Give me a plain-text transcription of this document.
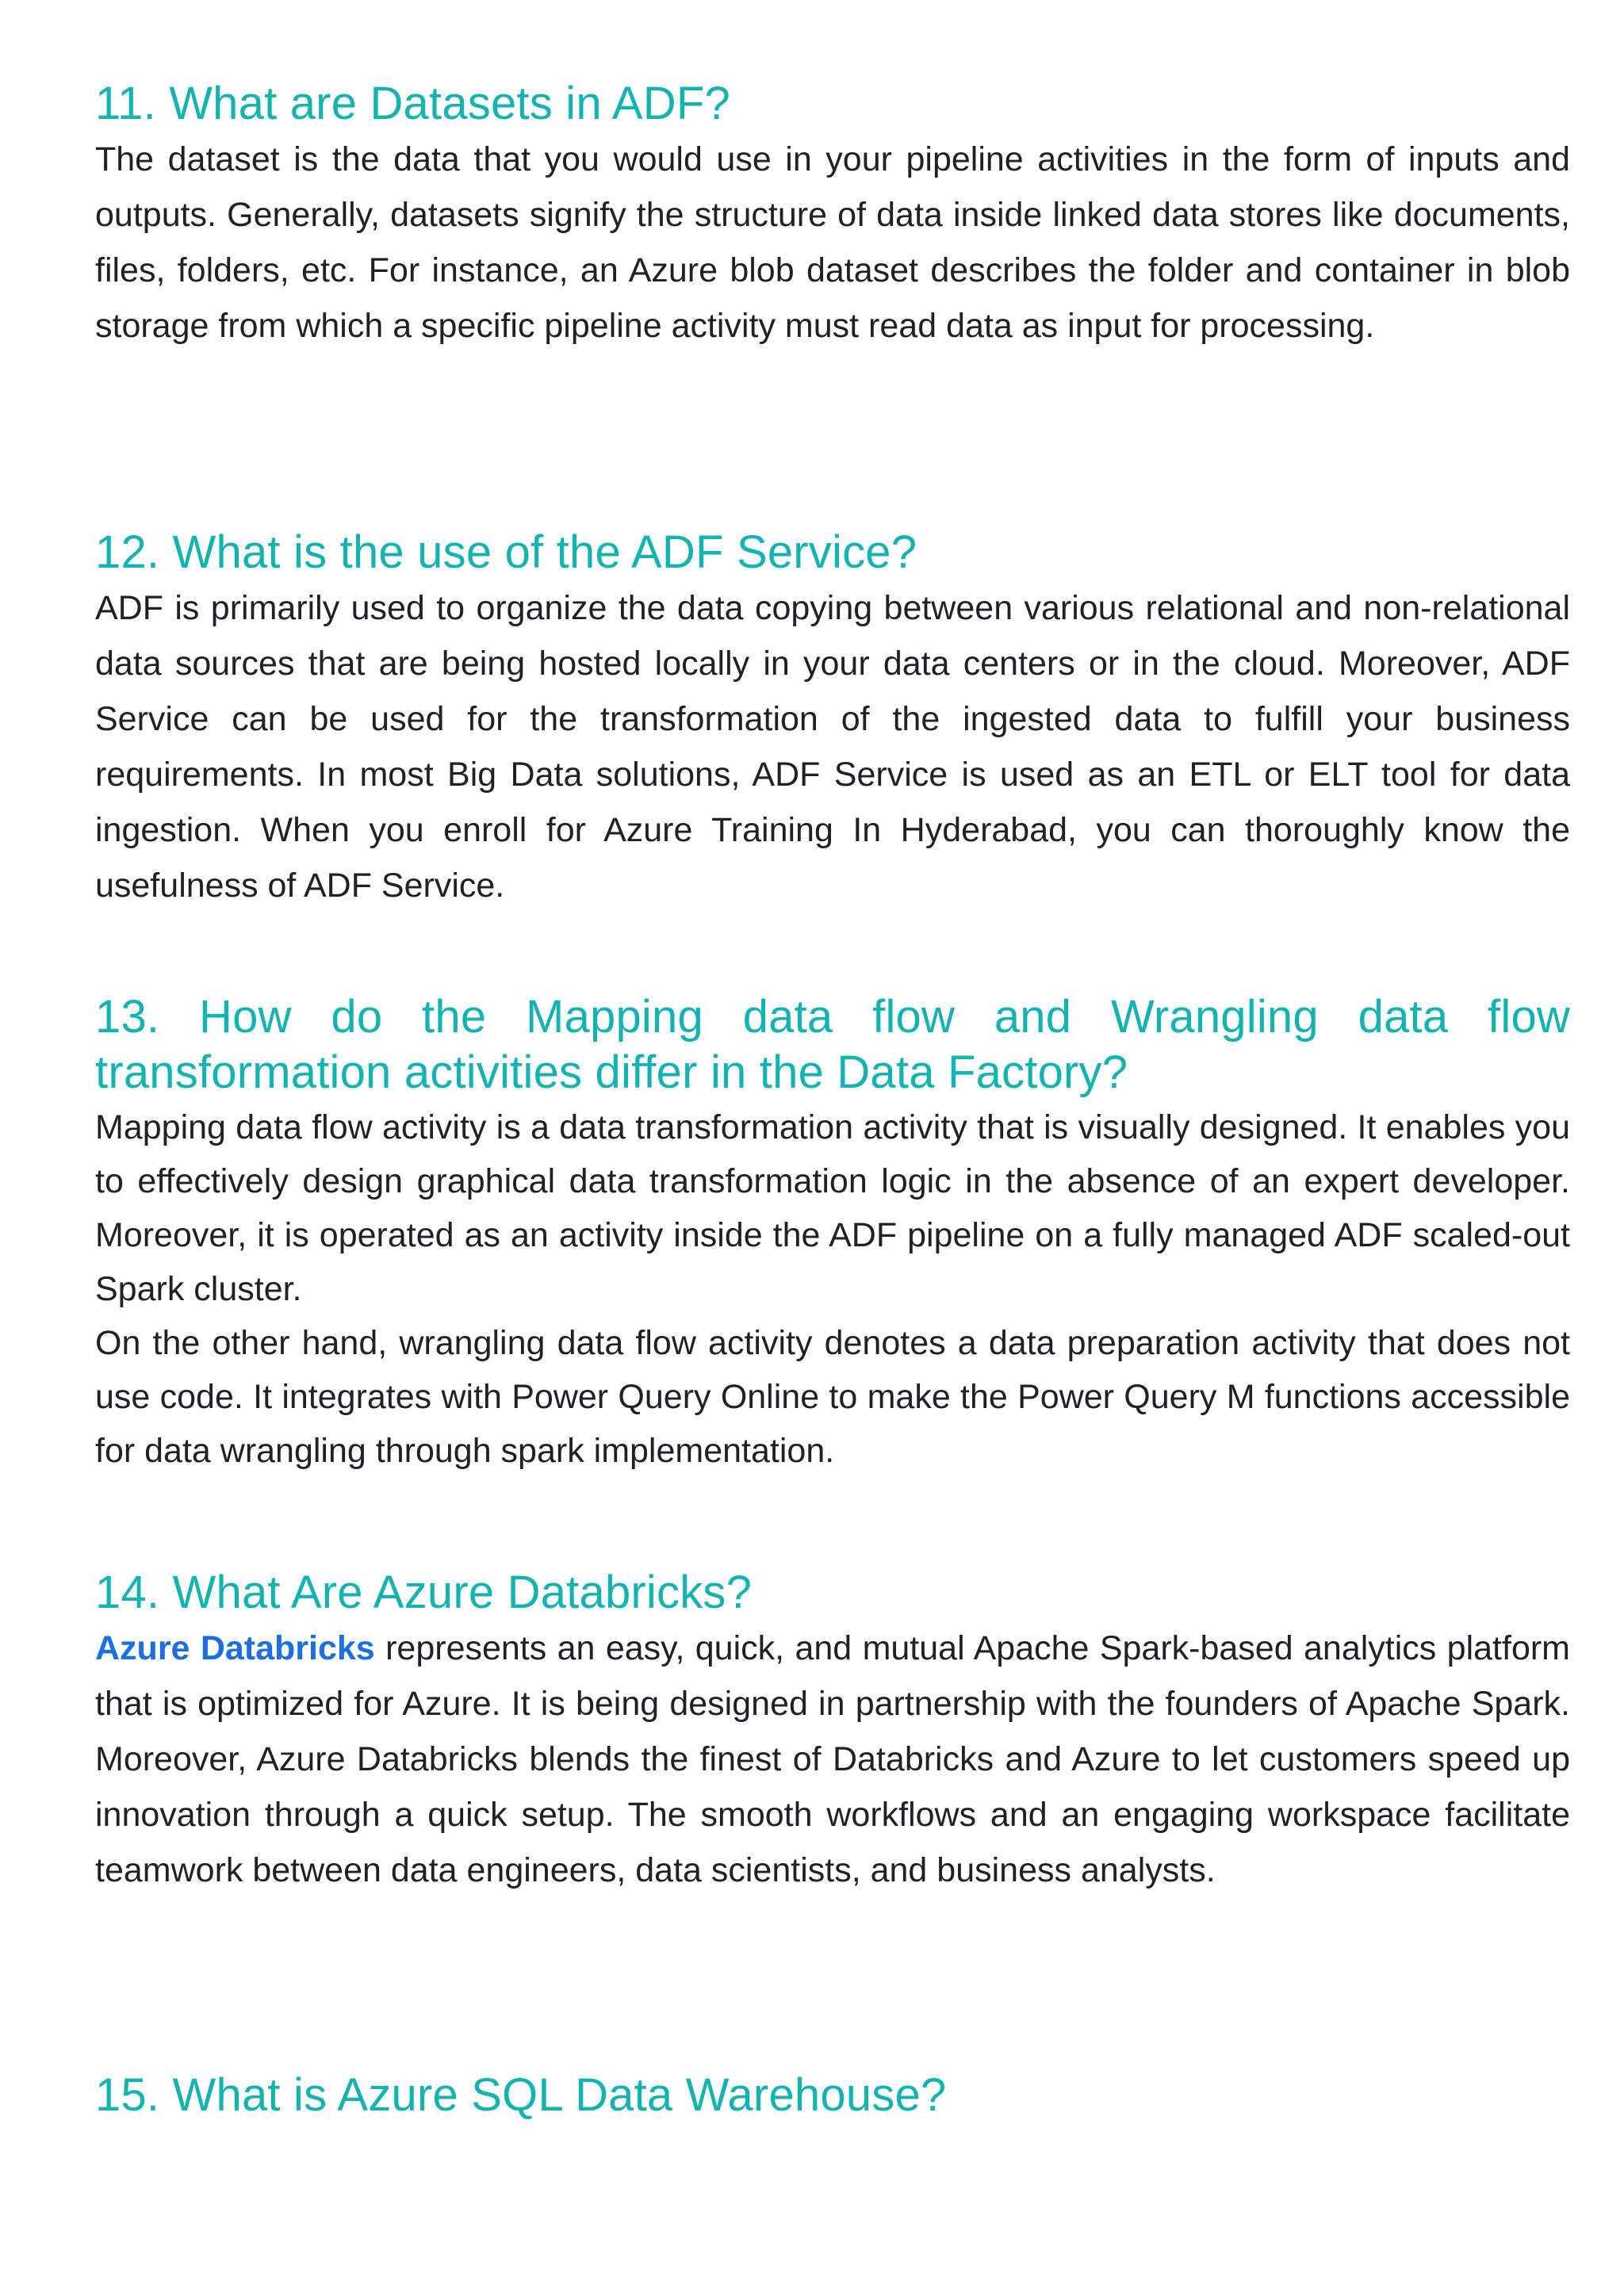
11. What are Datasets in ADF?

The dataset is the data that you would use in your pipeline activities in the form of inputs and outputs. Generally, datasets signify the structure of data inside linked data stores like documents, files, folders, etc. For instance, an Azure blob dataset describes the folder and container in blob storage from which a specific pipeline activity must read data as input for processing.

12. What is the use of the ADF Service?

ADF is primarily used to organize the data copying between various relational and non-relational data sources that are being hosted locally in your data centers or in the cloud. Moreover, ADF Service can be used for the transformation of the ingested data to fulfill your business requirements. In most Big Data solutions, ADF Service is used as an ETL or ELT tool for data ingestion. When you enroll for Azure Training In Hyderabad, you can thoroughly know the usefulness of ADF Service.

13. How do the Mapping data flow and Wrangling data flow transformation activities differ in the Data Factory?

Mapping data flow activity is a data transformation activity that is visually designed. It enables you to effectively design graphical data transformation logic in the absence of an expert developer. Moreover, it is operated as an activity inside the ADF pipeline on a fully managed ADF scaled-out Spark cluster.

On the other hand, wrangling data flow activity denotes a data preparation activity that does not use code. It integrates with Power Query Online to make the Power Query M functions accessible for data wrangling through spark implementation.

14. What Are Azure Databricks?

Azure Databricks represents an easy, quick, and mutual Apache Spark-based analytics platform that is optimized for Azure. It is being designed in partnership with the founders of Apache Spark. Moreover, Azure Databricks blends the finest of Databricks and Azure to let customers speed up innovation through a quick setup. The smooth workflows and an engaging workspace facilitate teamwork between data engineers, data scientists, and business analysts.

15. What is Azure SQL Data Warehouse?
